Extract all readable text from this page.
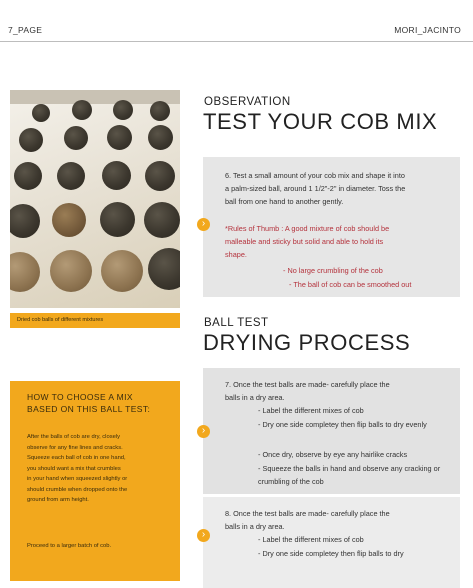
7_PAGE	MORI_JACINTO
Dried cob balls of different mixtures
HOW TO CHOOSE A MIX
BASED ON THIS BALL TEST:
After the balls of cob are dry, closely
observe for any fine lines and cracks.
Squeeze each ball of cob in one hand,
you should want a mix that crumbles
in your hand when squeezed slightly or
should crumble when dropped onto the
ground from arm height.
Proceed to a larger batch of cob.
OBSERVATION
TEST YOUR COB MIX
›
6. Test a small amount of your cob mix and shape it into
a palm-sized ball, around 1 1/2"-2" in diameter. Toss the
ball from one hand to another gently.
*Rules of Thumb : A good mixture of cob should be
malleable and sticky but solid and able to hold its
shape.
- No large crumbling of the cob
- The ball of cob can be smoothed out
BALL TEST
DRYING PROCESS
›
7. Once the test balls are made- carefully place the
balls in a dry area.
- Label the different mixes of cob
- Dry one side completey then flip balls to dry evenly
- Once dry, observe by eye any hairlike cracks
- Squeeze the balls in hand and observe any cracking or crumbling of the cob
›
8. Once the test balls are made- carefully place the
balls in a dry area.
- Label the different mixes of cob
- Dry one side completey then flip balls to dry
